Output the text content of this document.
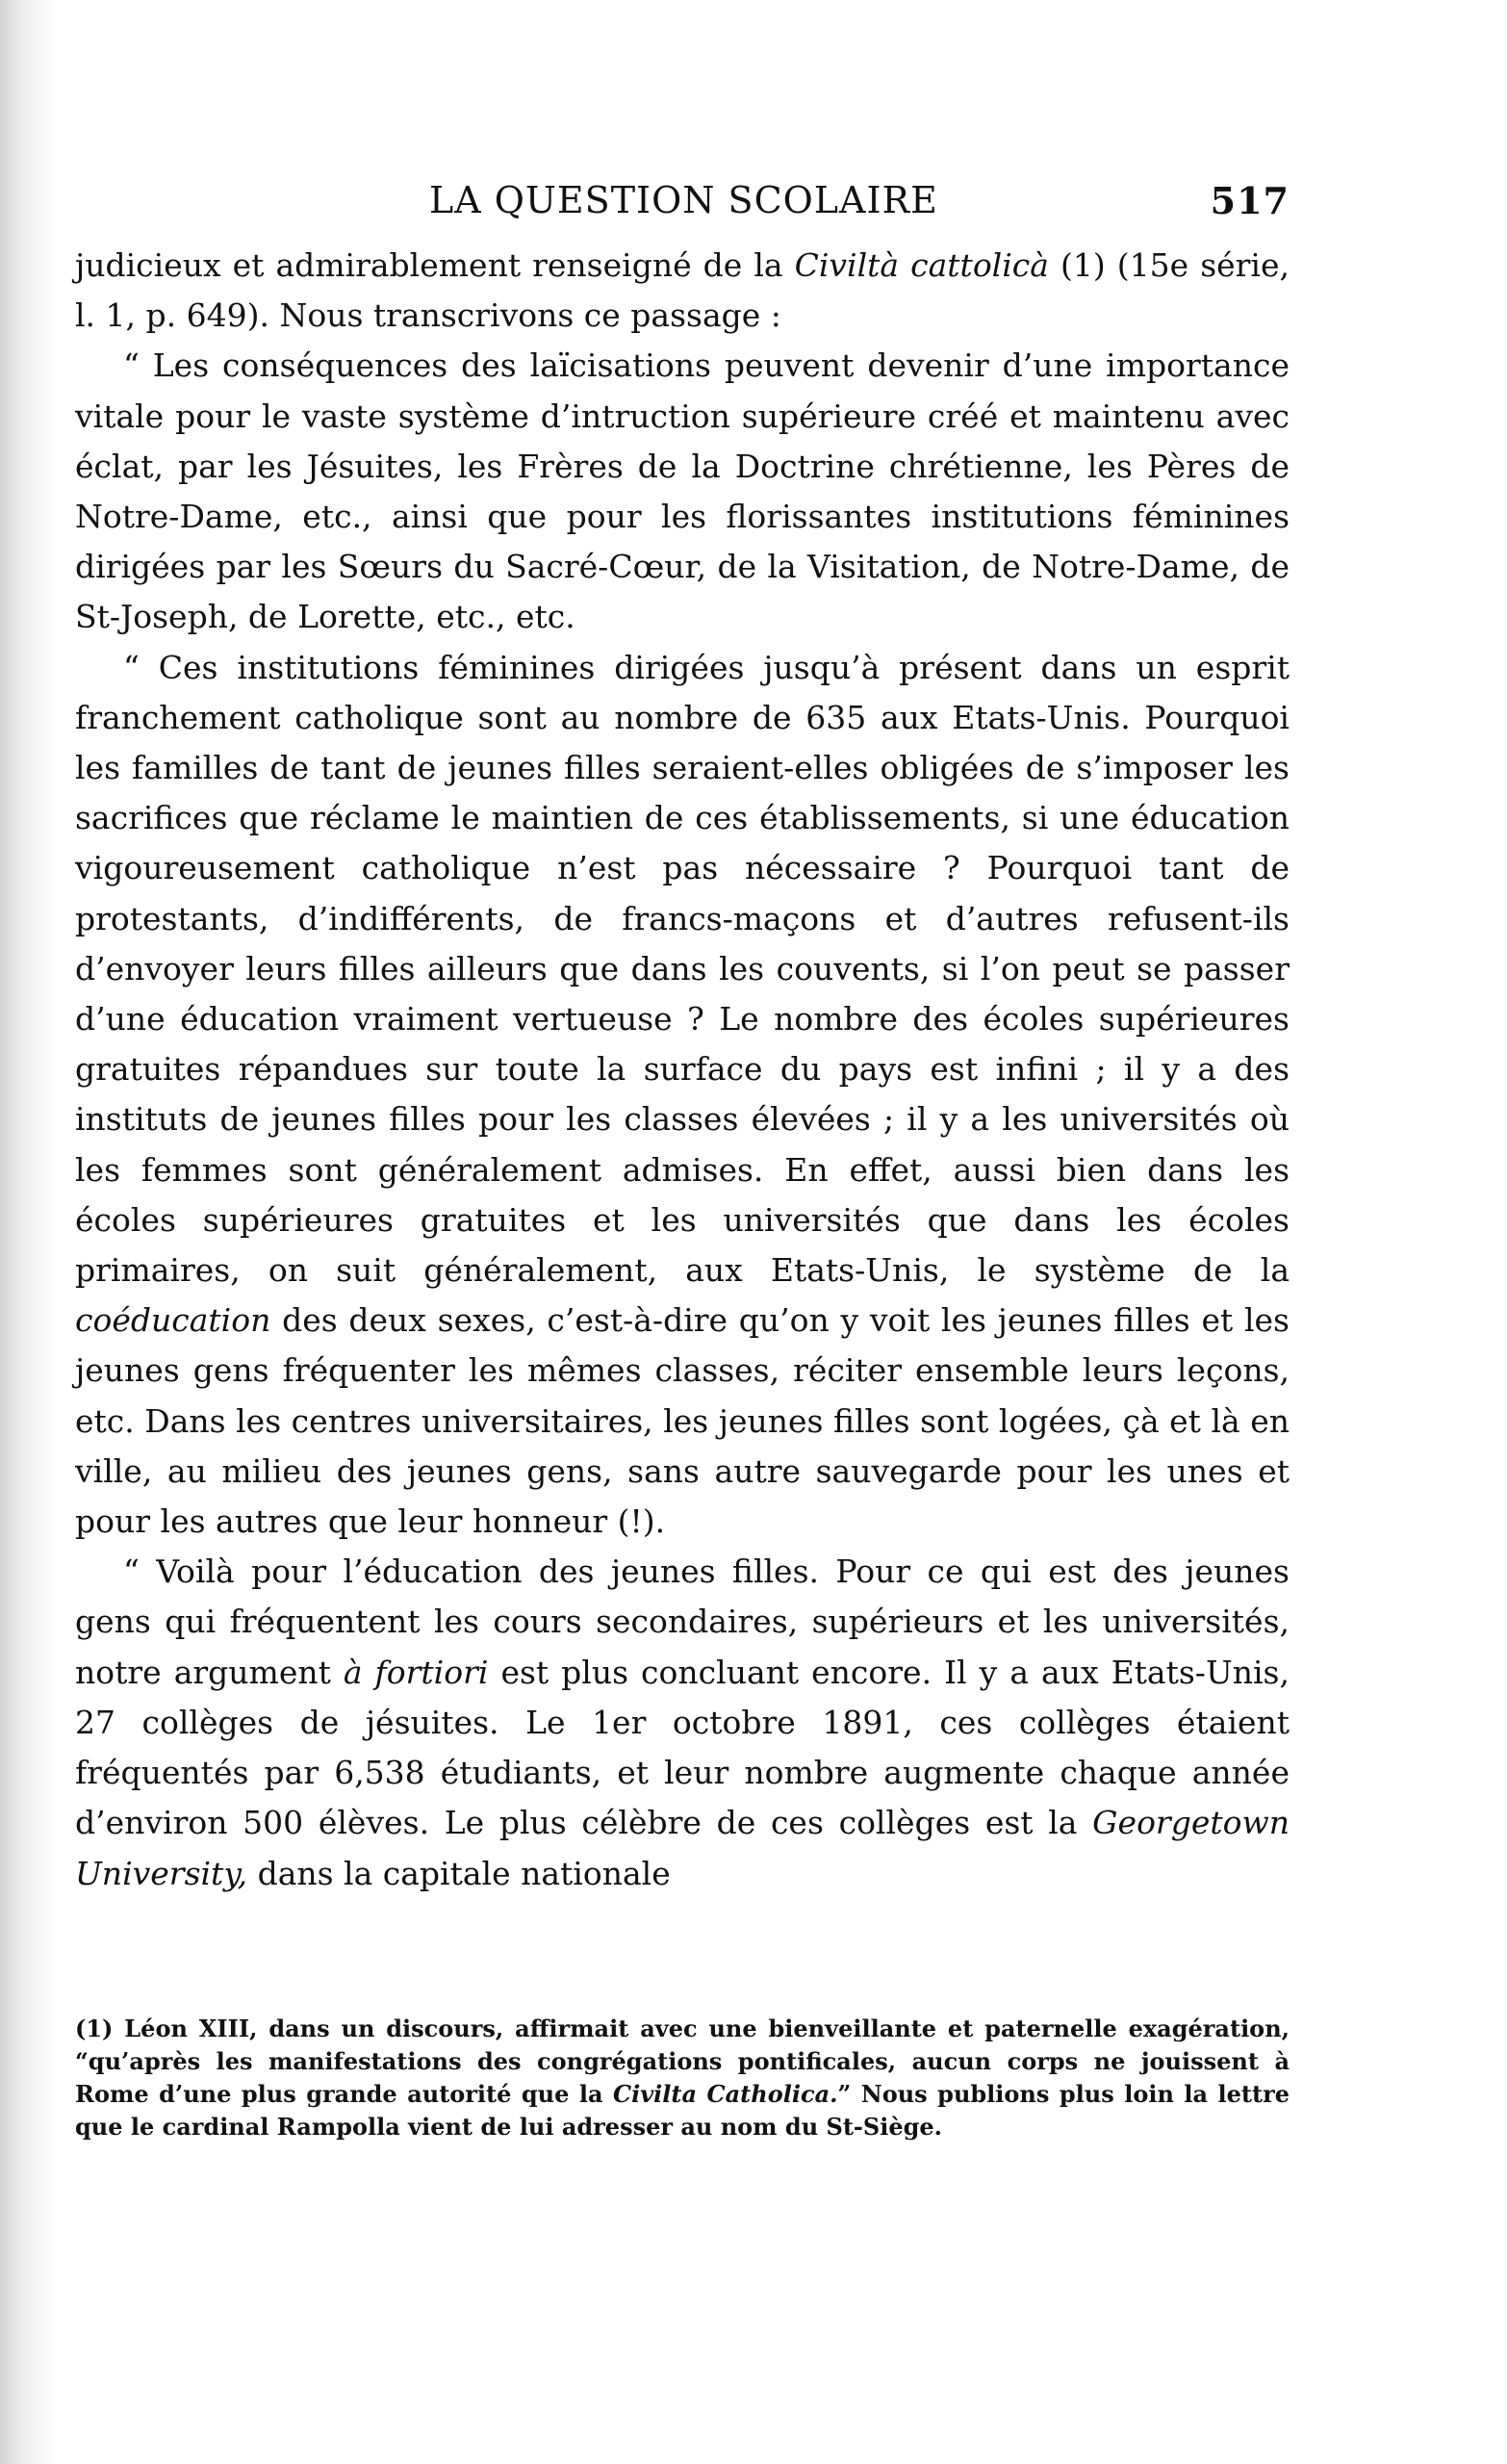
LA QUESTION SCOLAIRE	517

judicieux et admirablement renseigné de la Civiltà cattolicà (1) (15e série, l. 1, p. 649). Nous transcrivons ce passage :

“ Les conséquences des laïcisations peuvent devenir d’une importance vitale pour le vaste système d’intruction supérieure créé et maintenu avec éclat, par les Jésuites, les Frères de la Doctrine chrétienne, les Pères de Notre-Dame, etc., ainsi que pour les florissantes institutions féminines dirigées par les Sœurs du Sacré-Cœur, de la Visitation, de Notre-Dame, de St-Joseph, de Lorette, etc., etc.

“ Ces institutions féminines dirigées jusqu’à présent dans un esprit franchement catholique sont au nombre de 635 aux Etats-Unis. Pourquoi les familles de tant de jeunes filles seraient-elles obligées de s’imposer les sacrifices que réclame le maintien de ces établissements, si une éducation vigoureusement catholique n’est pas nécessaire ? Pourquoi tant de protestants, d’indifférents, de francs-maçons et d’autres refusent-ils d’envoyer leurs filles ailleurs que dans les couvents, si l’on peut se passer d’une éducation vraiment vertueuse ? Le nombre des écoles supérieures gratuites répandues sur toute la surface du pays est infini ; il y a des instituts de jeunes filles pour les classes élevées ; il y a les universités où les femmes sont généralement admises. En effet, aussi bien dans les écoles supérieures gratuites et les universités que dans les écoles primaires, on suit généralement, aux Etats-Unis, le système de la coéducation des deux sexes, c’est-à-dire qu’on y voit les jeunes filles et les jeunes gens fréquenter les mêmes classes, réciter ensemble leurs leçons, etc. Dans les centres universitaires, les jeunes filles sont logées, çà et là en ville, au milieu des jeunes gens, sans autre sauvegarde pour les unes et pour les autres que leur honneur (!).

“ Voilà pour l’éducation des jeunes filles. Pour ce qui est des jeunes gens qui fréquentent les cours secondaires, supérieurs et les universités, notre argument à fortiori est plus concluant encore. Il y a aux Etats-Unis, 27 collèges de jésuites. Le 1er octobre 1891, ces collèges étaient fréquentés par 6,538 étudiants, et leur nombre augmente chaque année d’environ 500 élèves. Le plus célèbre de ces collèges est la Georgetown University, dans la capitale nationale

(1) Léon XIII, dans un discours, affirmait avec une bienveillante et paternelle exagération, “qu’après les manifestations des congrégations pontificales, aucun corps ne jouissent à Rome d’une plus grande autorité que la Civilta Catholica.” Nous publions plus loin la lettre que le cardinal Rampolla vient de lui adresser au nom du St-Siège.
